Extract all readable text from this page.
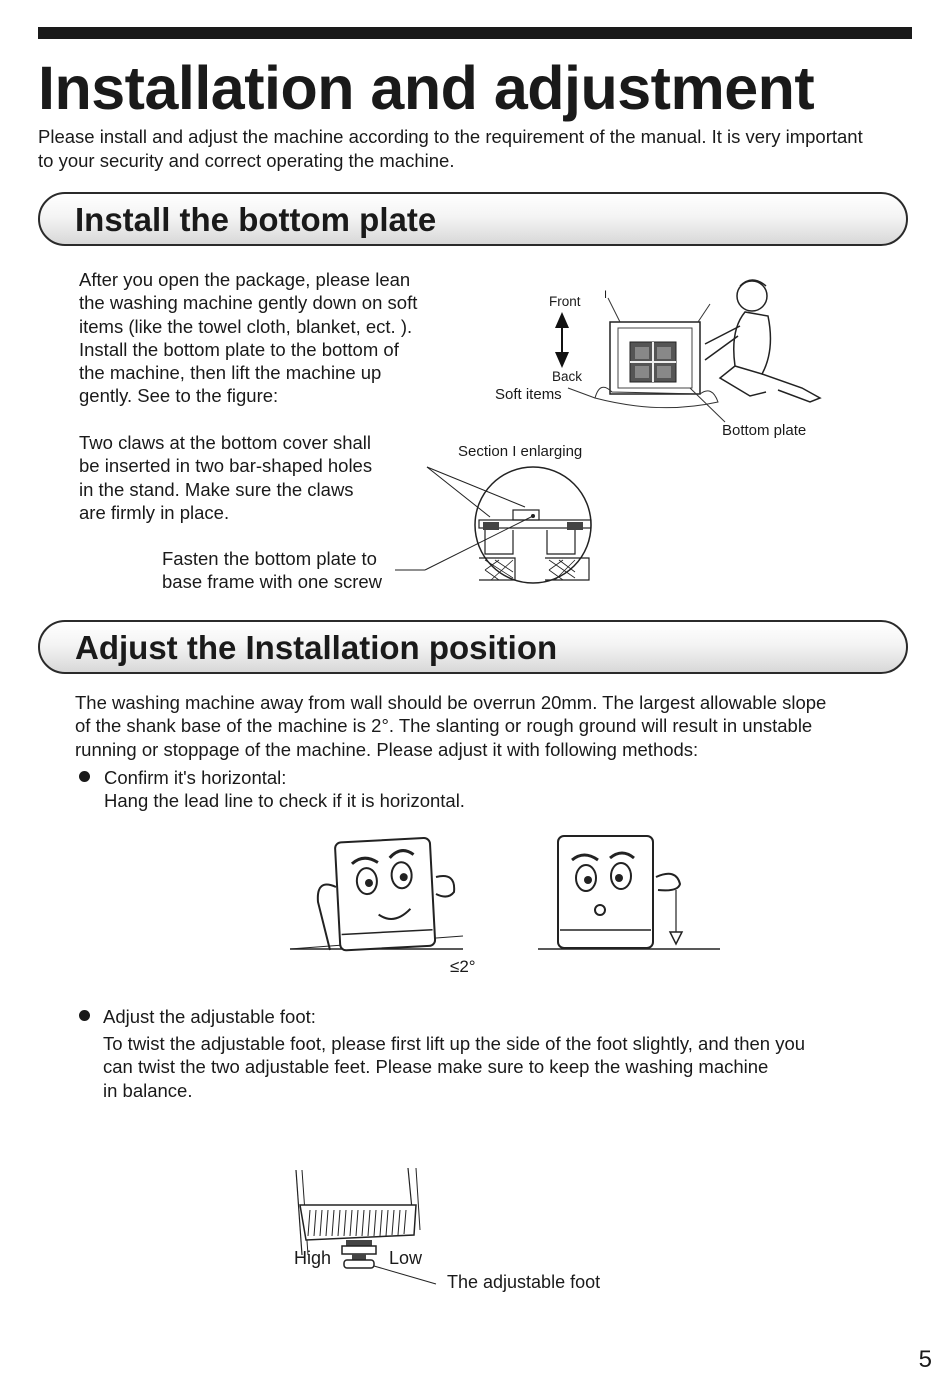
Installation and adjustment

Please install and adjust the machine according to the requirement of the manual. It is very important
to your security and correct operating the machine.

Install the bottom plate

After you open the package, please lean
the washing machine gently down on soft
items (like the towel cloth, blanket, ect. ).
Install the bottom plate to the bottom of
the machine, then lift the machine up
gently. See to the figure:

Two claws at the bottom cover shall
be inserted in two bar-shaped holes
in the stand. Make sure the claws
are firmly in place.

Fasten the bottom plate to
base frame with one screw

Front
Back
I
Soft items
Bottom plate
Section I enlarging
Adjust the Installation position

The washing machine away from wall should be overrun 20mm. The largest allowable slope
of the shank base of the machine is 2°. The slanting or rough ground will result in unstable
running or stoppage of the machine. Please adjust it with following methods:

Confirm it's horizontal:
Hang the lead line to check if it is horizontal.

≤2°

Adjust the adjustable foot:

To twist the adjustable foot, please first lift up the side of the foot slightly, and then you
can twist the two adjustable feet. Please make sure to keep the washing machine
in balance.

High	Low
The adjustable foot
5
